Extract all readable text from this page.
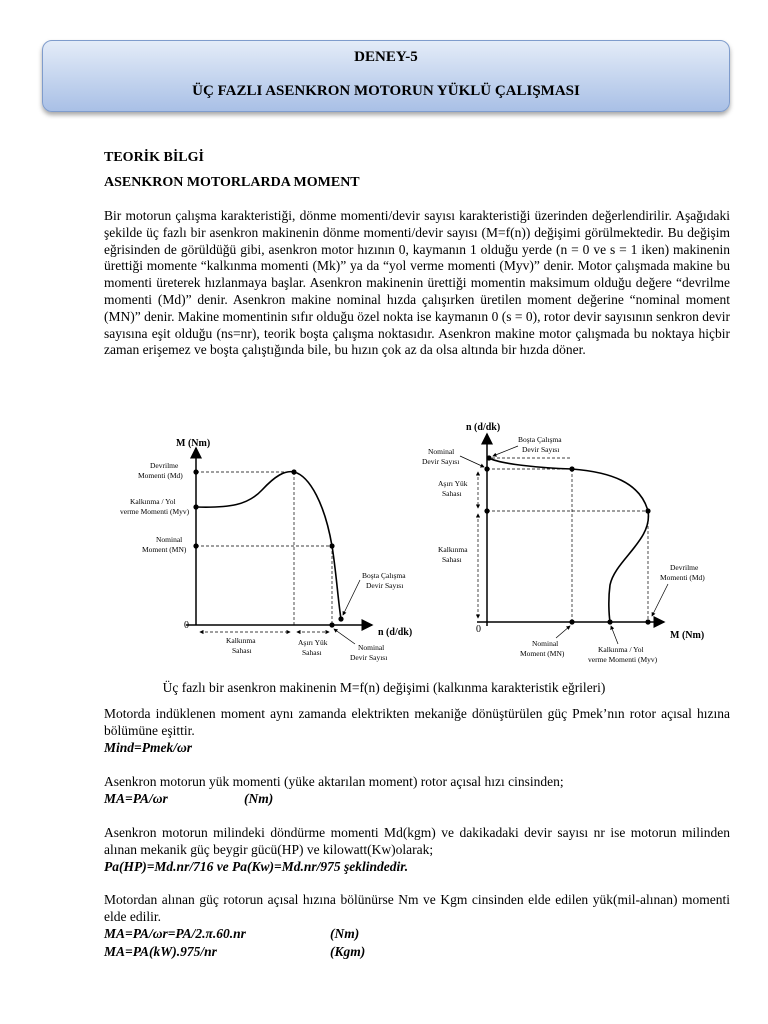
DENEY-5
ÜÇ FAZLI ASENKRON MOTORUN YÜKLÜ ÇALIŞMASI
TEORİK BİLGİ
ASENKRON MOTORLARDA MOMENT

Bir motorun çalışma karakteristiği, dönme momenti/devir sayısı karakteristiği üzerinden değerlendirilir. Aşağıdaki şekilde üç fazlı bir asenkron makinenin dönme momenti/devir sayısı (M=f(n)) değişimi görülmektedir. Bu değişim eğrisinden de görüldüğü gibi, asenkron motor hızının 0, kaymanın 1 olduğu yerde (n = 0 ve s = 1 iken) makinenin ürettiği momente “kalkınma momenti (Mk)” ya da “yol verme momenti (Myv)” denir. Motor çalışmada makine bu momenti üreterek hızlanmaya başlar. Asenkron makinenin ürettiği momentin maksimum olduğu değere “devrilme momenti (Md)” denir. Asenkron makine nominal hızda çalışırken üretilen moment değerine “nominal moment (MN)” denir. Makine momentinin sıfır olduğu özel nokta ise kaymanın 0 (s = 0), rotor devir sayısının senkron devir sayısına eşit olduğu (ns=nr), teorik boşta çalışma noktasıdır. Asenkron makine motor çalışmada bu noktaya hiçbir zaman erişemez ve boşta çalıştığında bile, bu hızın çok az da olsa altında bir hızda döner.

M (Nm)
n (d/dk)
0
Devrilme
Momenti (Md)
Kalkınma / Yol
verme Momenti (Myv)
Nominal
Moment (MN)
Boşta Çalışma
Devir Sayısı
Kalkınma
Sahası
Aşırı Yük
Sahası
Nominal
Devir Sayısı
n (d/dk)
M (Nm)
0
Nominal
Devir Sayısı
Boşta Çalışma
Devir Sayısı
Aşırı Yük
Sahası
Kalkınma
Sahası
Devrilme
Momenti (Md)
Nominal
Moment (MN)	Kalkınma / Yol
verme Momenti (Myv)
Üç fazlı bir asenkron makinenin M=f(n) değişimi (kalkınma karakteristik eğrileri)

Motorda indüklenen moment aynı zamanda elektrikten mekaniğe dönüştürülen güç Pmek’nın rotor açısal hızına bölümüne eşittir.

Mind=Pmek/ωr

Asenkron motorun yük momenti (yüke aktarılan moment) rotor açısal hızı cinsinden;

MA=PA/ωr	(Nm)

Asenkron motorun milindeki döndürme momenti Md(kgm) ve dakikadaki devir sayısı nr ise motorun milinden alınan mekanik güç beygir gücü(HP) ve kilowatt(Kw)olarak;

Pa(HP)=Md.nr/716 ve Pa(Kw)=Md.nr/975 şeklindedir.

Motordan alınan güç rotorun açısal hızına bölünürse Nm ve Kgm cinsinden elde edilen yük(mil-alınan) momenti elde edilir.

MA=PA/ωr=PA/2.π.60.nr	(Nm)
MA=PA(kW).975/nr	(Kgm)
